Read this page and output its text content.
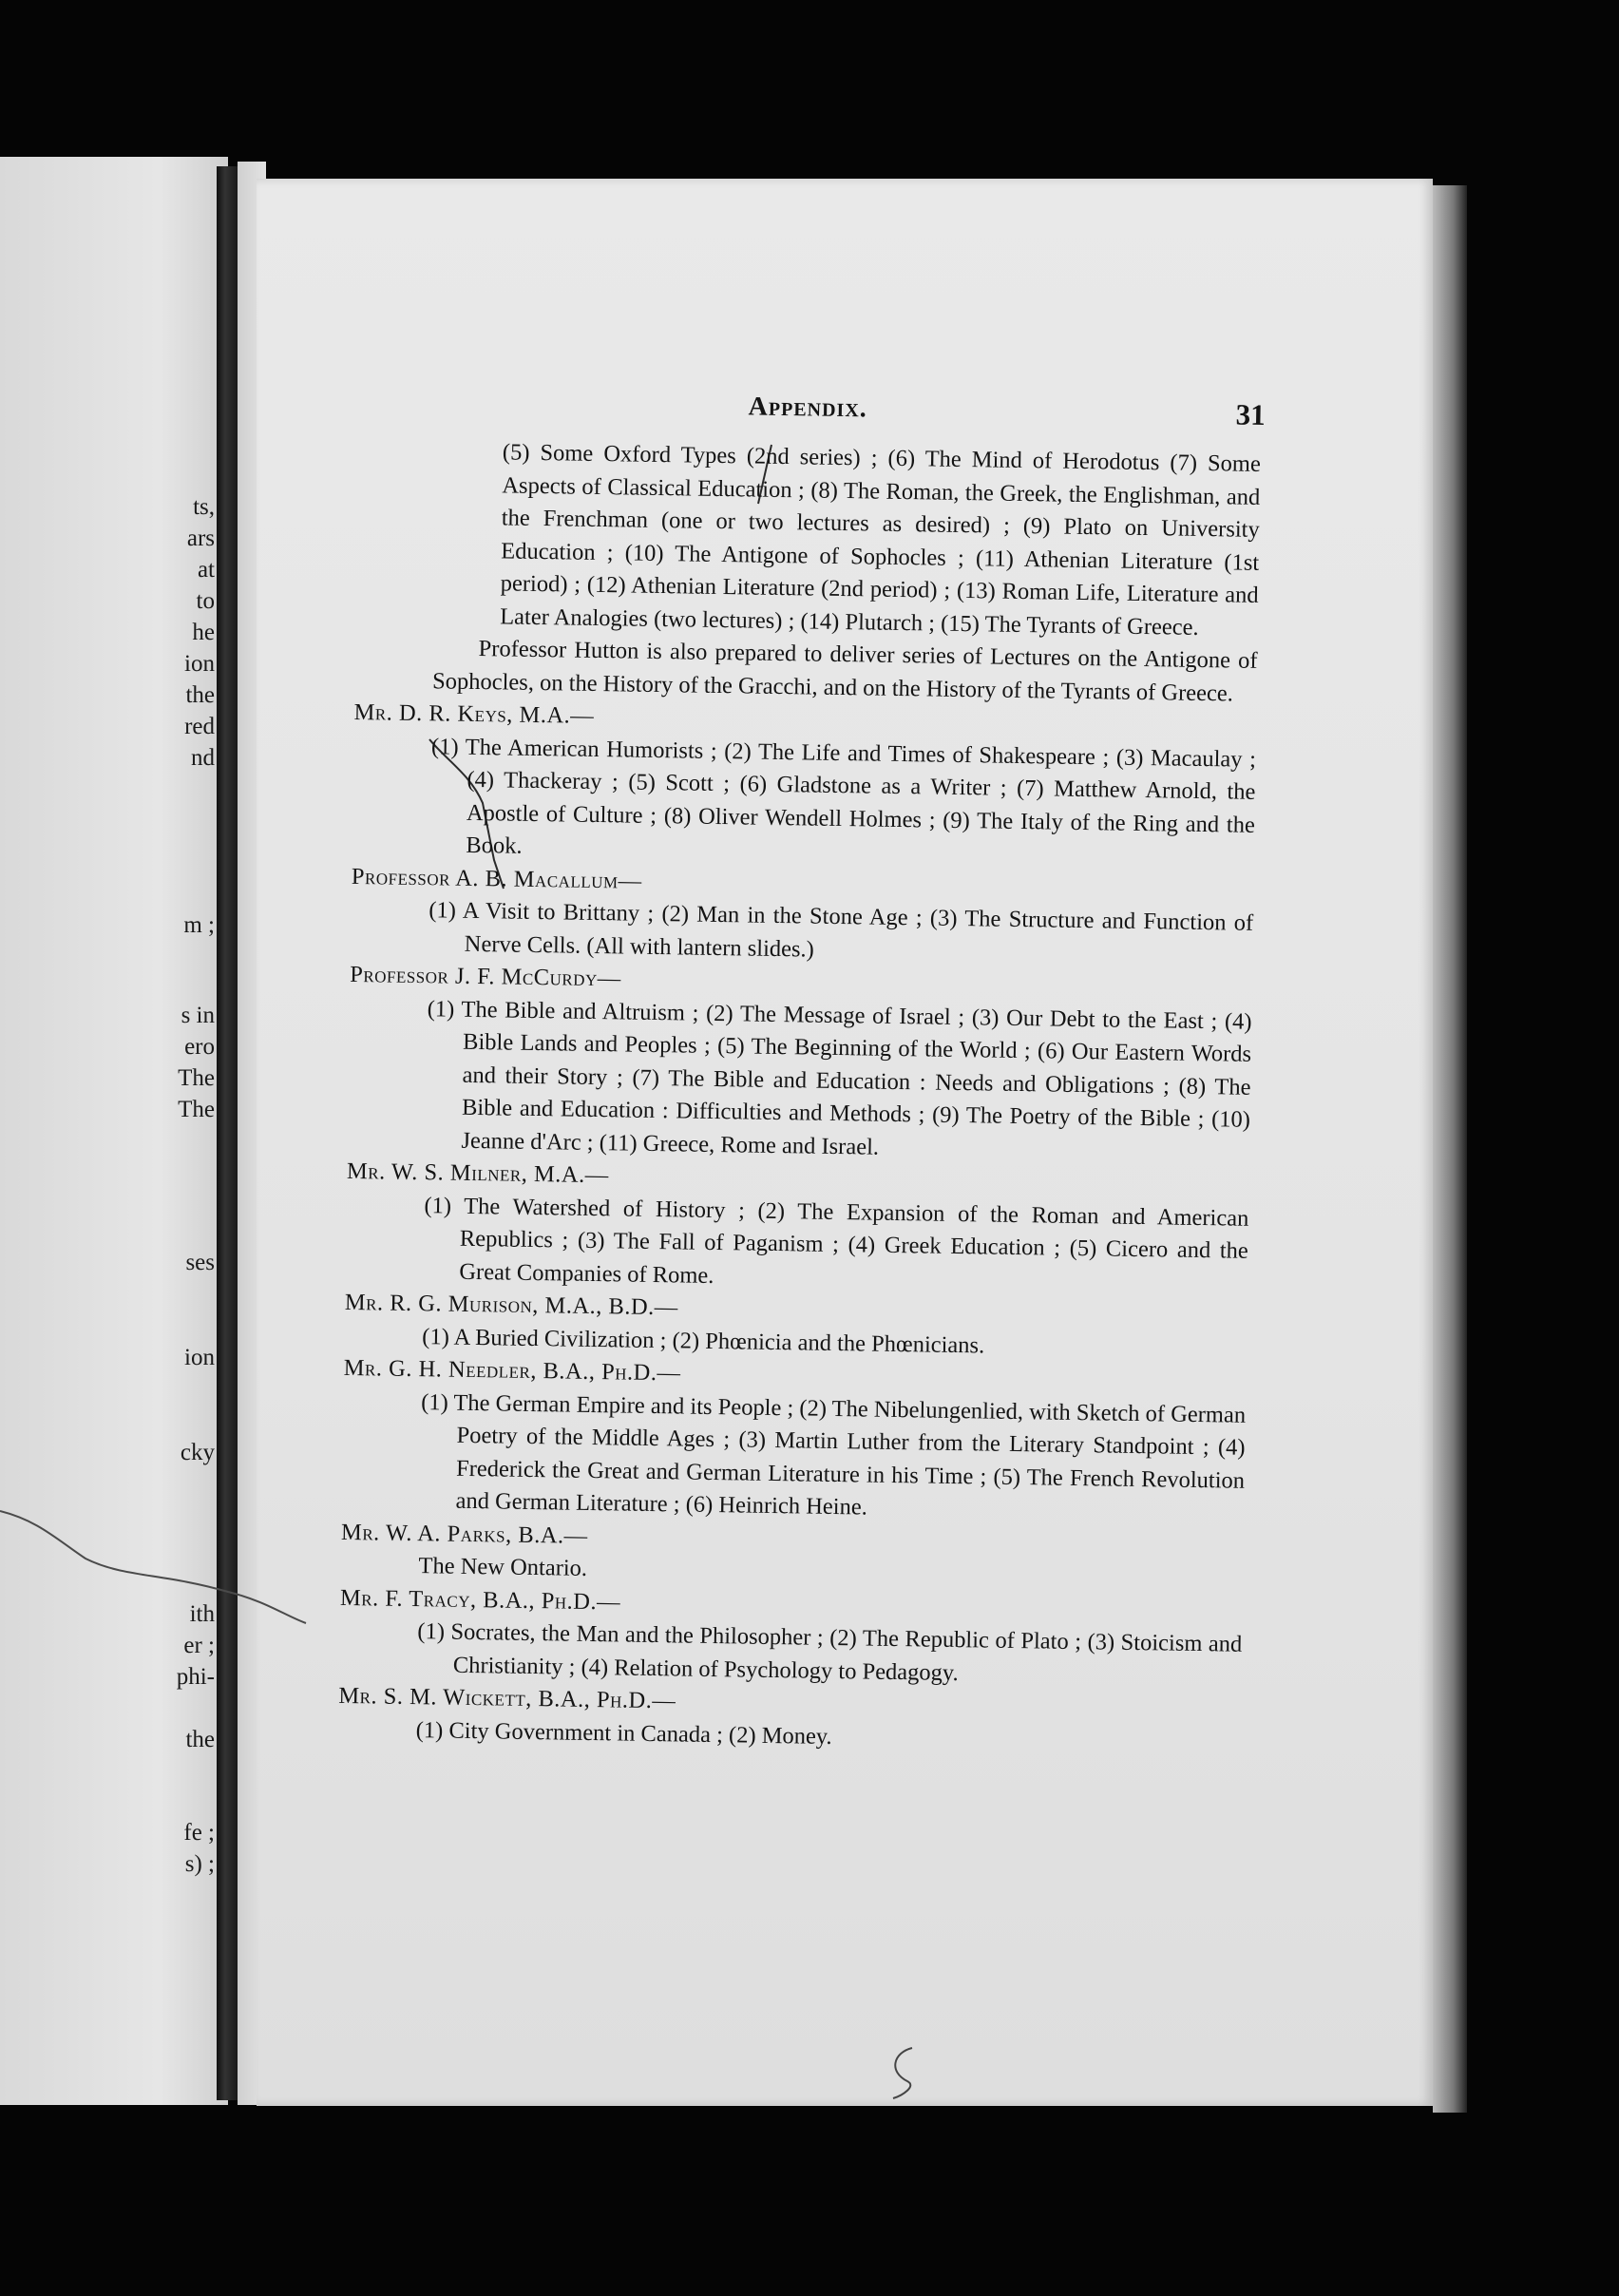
ts,
ars
at
to
he
ion
the
red
nd
m ;
s in
ero
The
The
ses
ion
cky
ith
er ;
phi-
the
fe ;
s) ;
Appendix.	31

(5) Some Oxford Types (2nd series) ; (6) The Mind of Herodotus (7) Some Aspects of Classical Education ; (8) The Roman, the Greek, the Englishman, and the Frenchman (one or two lectures as desired) ; (9) Plato on University Education ; (10) The Antigone of Sophocles ; (11) Athenian Literature (1st period) ; (12) Athenian Literature (2nd period) ; (13) Roman Life, Literature and Later Analogies (two lectures) ; (14) Plutarch ; (15) The Tyrants of Greece.

Professor Hutton is also prepared to deliver series of Lectures on the Antigone of Sophocles, on the History of the Gracchi, and on the History of the Tyrants of Greece.

Mr. D. R. Keys, M.A.—

(1) The American Humorists ; (2) The Life and Times of Shakespeare ; (3) Macaulay ; (4) Thackeray ; (5) Scott ; (6) Gladstone as a Writer ; (7) Matthew Arnold, the Apostle of Culture ; (8) Oliver Wendell Holmes ; (9) The Italy of the Ring and the Book.

Professor A. B. Macallum—

(1) A Visit to Brittany ; (2) Man in the Stone Age ; (3) The Structure and Function of Nerve Cells. (All with lantern slides.)

Professor J. F. McCurdy—

(1) The Bible and Altruism ; (2) The Message of Israel ; (3) Our Debt to the East ; (4) Bible Lands and Peoples ; (5) The Beginning of the World ; (6) Our Eastern Words and their Story ; (7) The Bible and Education : Needs and Obligations ; (8) The Bible and Education : Difficulties and Methods ; (9) The Poetry of the Bible ; (10) Jeanne d'Arc ; (11) Greece, Rome and Israel.

Mr. W. S. Milner, M.A.—

(1) The Watershed of History ; (2) The Expansion of the Roman and American Republics ; (3) The Fall of Paganism ; (4) Greek Education ; (5) Cicero and the Great Companies of Rome.

Mr. R. G. Murison, M.A., B.D.—

(1) A Buried Civilization ; (2) Phœnicia and the Phœnicians.

Mr. G. H. Needler, B.A., Ph.D.—

(1) The German Empire and its People ; (2) The Nibelungenlied, with Sketch of German Poetry of the Middle Ages ; (3) Martin Luther from the Literary Standpoint ; (4) Frederick the Great and German Literature in his Time ; (5) The French Revolution and German Literature ; (6) Heinrich Heine.

Mr. W. A. Parks, B.A.—

The New Ontario.

Mr. F. Tracy, B.A., Ph.D.—

(1) Socrates, the Man and the Philosopher ; (2) The Republic of Plato ; (3) Stoicism and Christianity ; (4) Relation of Psychology to Pedagogy.

Mr. S. M. Wickett, B.A., Ph.D.—

(1) City Government in Canada ; (2) Money.
